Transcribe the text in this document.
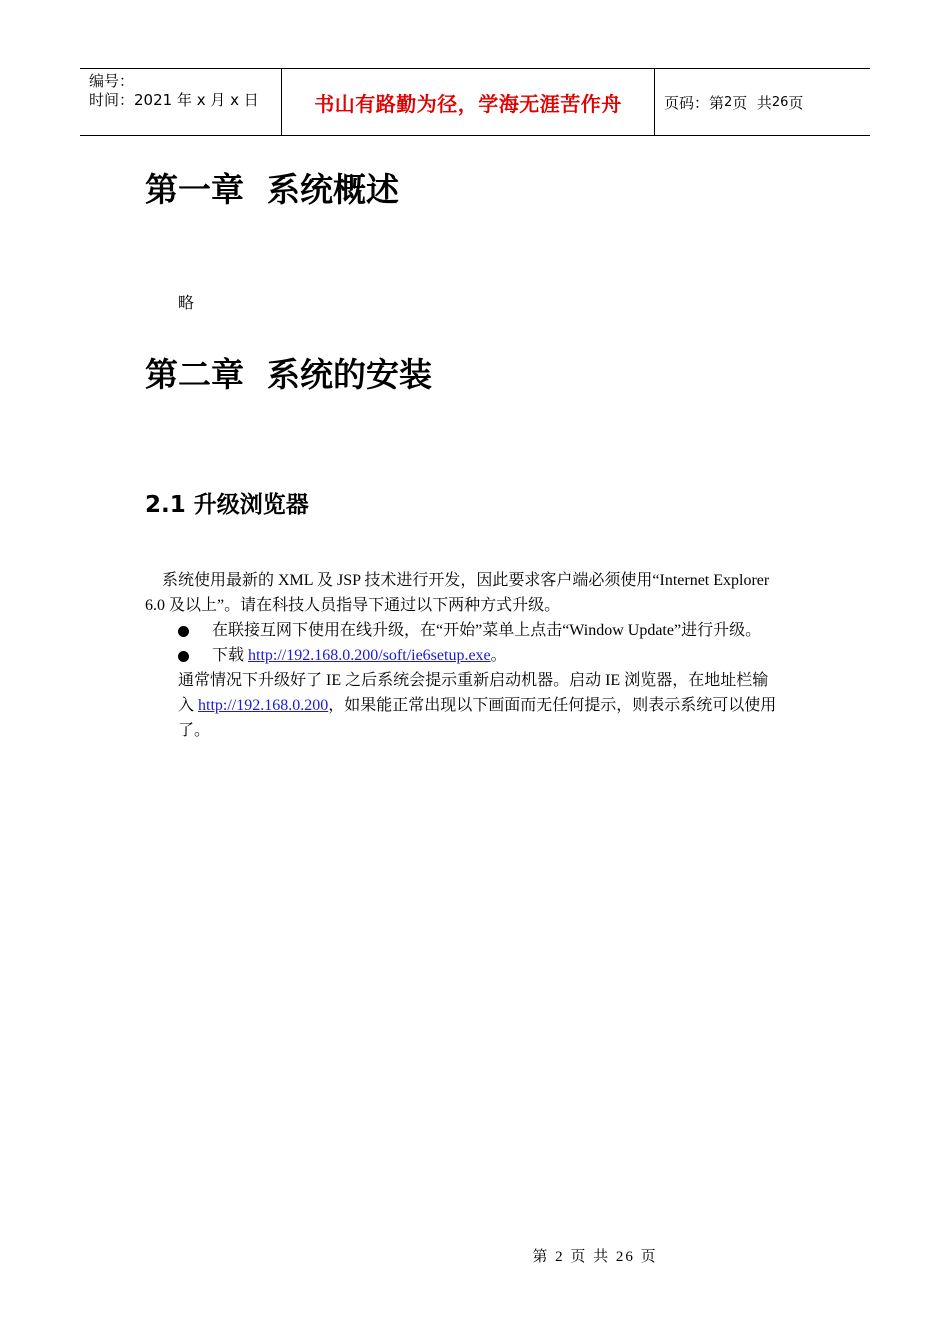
编号：
时间：2021 年 x 月 x 日	书山有路勤为径，学海无涯苦作舟	页码：第 2 页  共 26 页
第一章  系统概述

略

第二章  系统的安装
2.1 升级浏览器

系统使用最新的 XML 及 JSP 技术进行开发，因此要求客户端必须使用“Internet Explorer

6.0 及以上”。请在科技人员指导下通过以下两种方式升级。

在联接互网下使用在线升级，在“开始”菜单上点击“Window Update”进行升级。
下载 http://192.168.0.200/soft/ie6setup.exe 。

通常情况下升级好了 IE 之后系统会提示重新启动机器。启动 IE 浏览器，在地址栏输

入 http://192.168.0.200，如果能正常出现以下画面而无任何提示，则表示系统可以使用

了。

第 2 页 共 26 页
